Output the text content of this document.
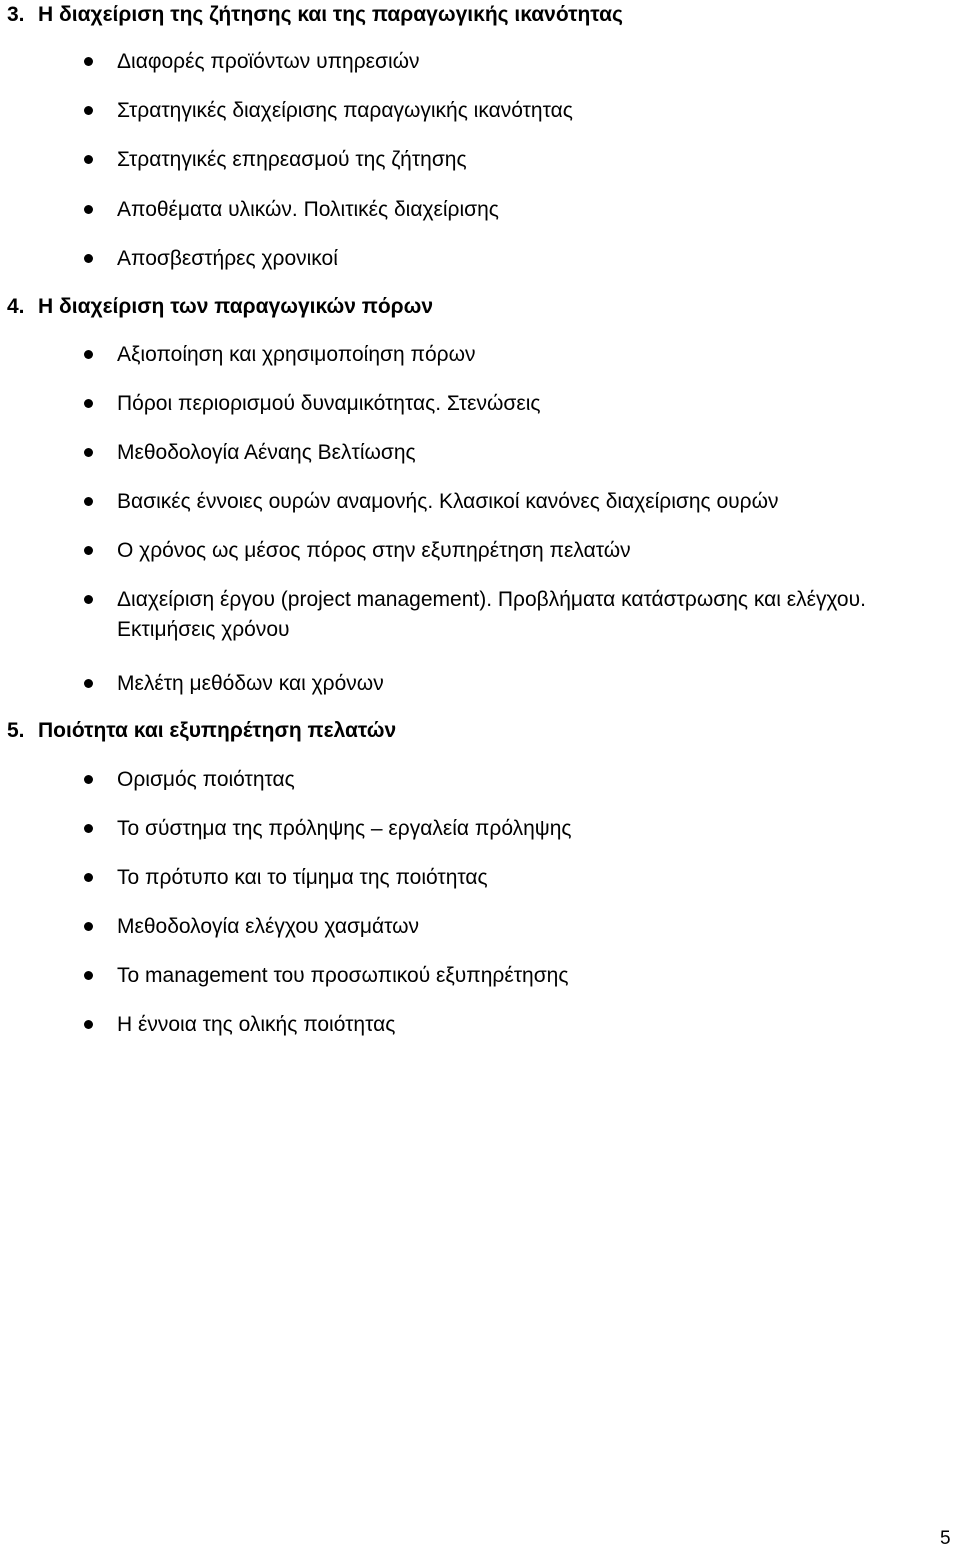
3. Η διαχείριση της ζήτησης και της παραγωγικής ικανότητας
Διαφορές προϊόντων υπηρεσιών
Στρατηγικές διαχείρισης παραγωγικής ικανότητας
Στρατηγικές επηρεασμού της ζήτησης
Αποθέματα υλικών. Πολιτικές διαχείρισης
Αποσβεστήρες χρονικοί
4. Η διαχείριση των παραγωγικών πόρων
Αξιοποίηση και χρησιμοποίηση πόρων
Πόροι περιορισμού δυναμικότητας. Στενώσεις
Μεθοδολογία Αέναης Βελτίωσης
Βασικές έννοιες ουρών αναμονής. Κλασικοί κανόνες διαχείρισης ουρών
Ο χρόνος ως μέσος πόρος στην εξυπηρέτηση πελατών
Διαχείριση έργου (project management). Προβλήματα κατάστρωσης και ελέγχου. Εκτιμήσεις χρόνου
Μελέτη μεθόδων και χρόνων
5. Ποιότητα και εξυπηρέτηση πελατών
Ορισμός ποιότητας
Το σύστημα της πρόληψης – εργαλεία πρόληψης
Το πρότυπο και το τίμημα της ποιότητας
Μεθοδολογία ελέγχου χασμάτων
Το management του προσωπικού εξυπηρέτησης
Η έννοια της ολικής ποιότητας
5
